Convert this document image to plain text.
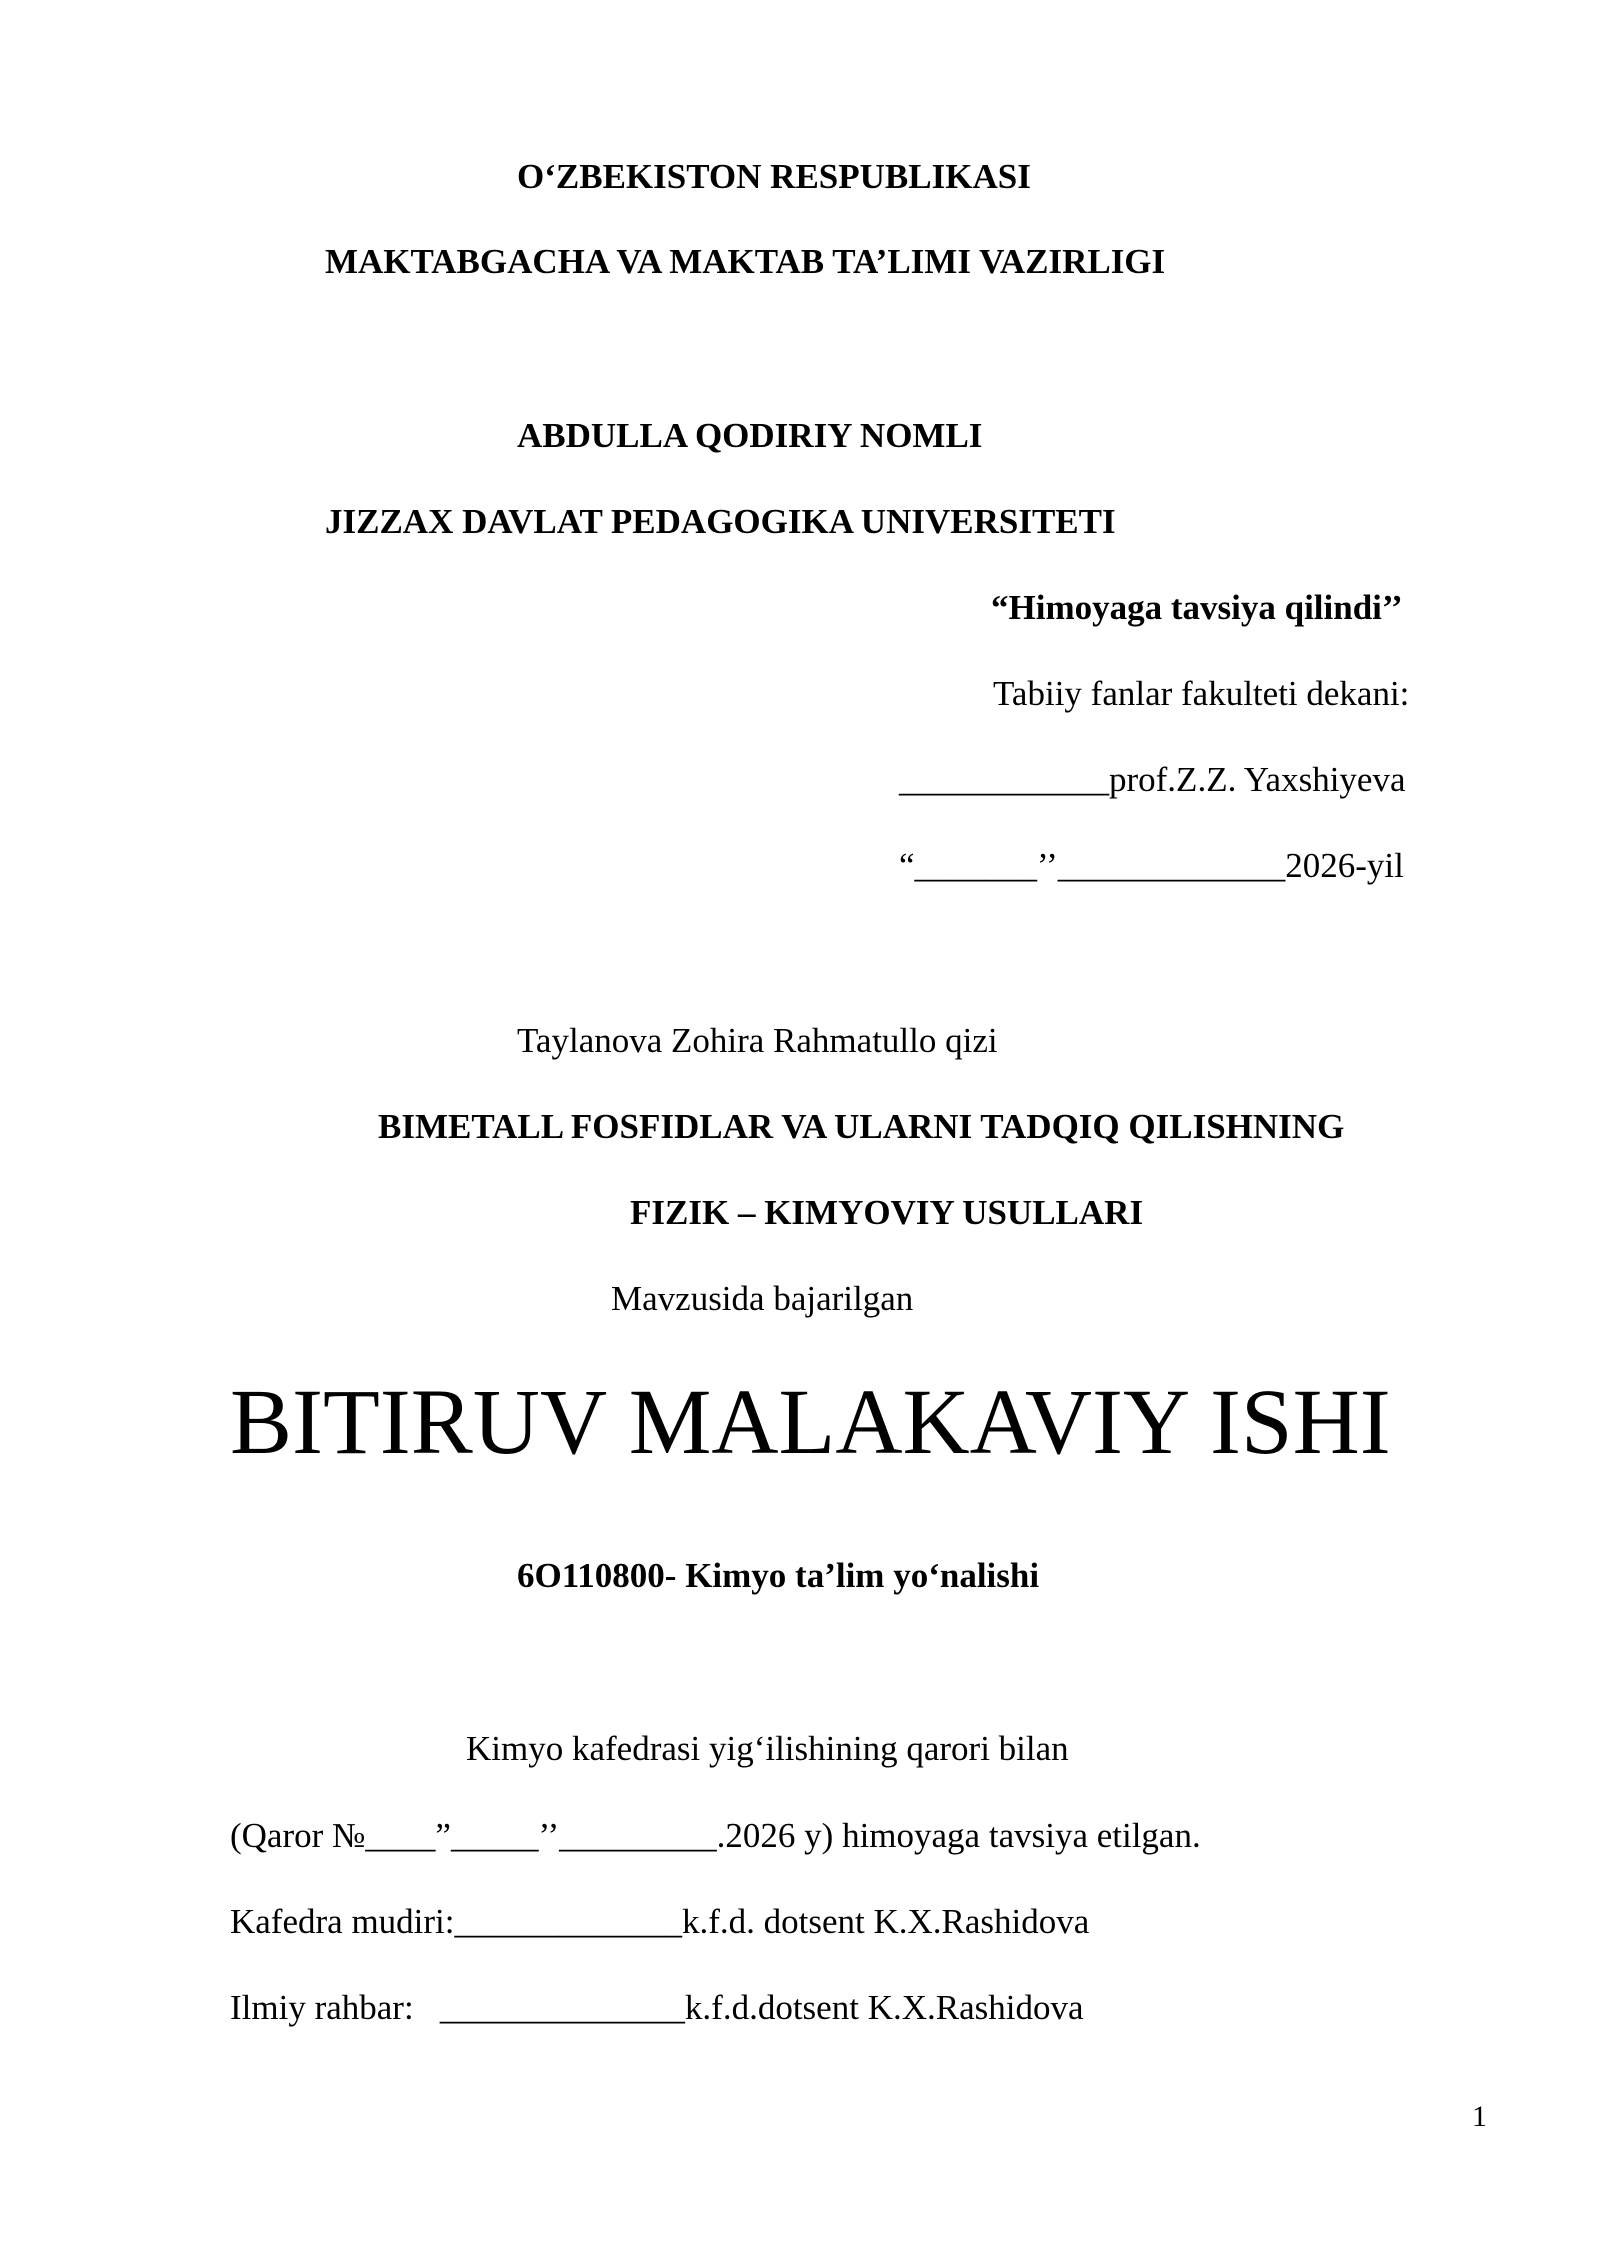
O‘ZBEKISTON RESPUBLIKASI
MAKTABGACHA VA MAKTAB TA’LIMI VAZIRLIGI
ABDULLA QODIRIY NOMLI
JIZZAX DAVLAT PEDAGOGIKA UNIVERSITETI
“Himoyaga tavsiya qilindi’’
Tabiiy fanlar fakulteti dekani:
____________prof.Z.Z. Yaxshiyeva
“_______’’_____________2026-yil
Taylanova Zohira Rahmatullo qizi
BIMETALL FOSFIDLAR VA ULARNI TADQIQ QILISHNING
FIZIK – KIMYOVIY USULLARI
Mavzusida bajarilgan
BITIRUV MALAKAVIY ISHI
6O110800- Kimyo ta’lim yo‘nalishi
Kimyo kafedrasi yig‘ilishining qarori bilan
(Qaror №____”_____’’_________.2026 y) himoyaga tavsiya etilgan.
Kafedra mudiri:_____________k.f.d. dotsent K.X.Rashidova
Ilmiy rahbar:   ______________k.f.d.dotsent K.X.Rashidova
1
